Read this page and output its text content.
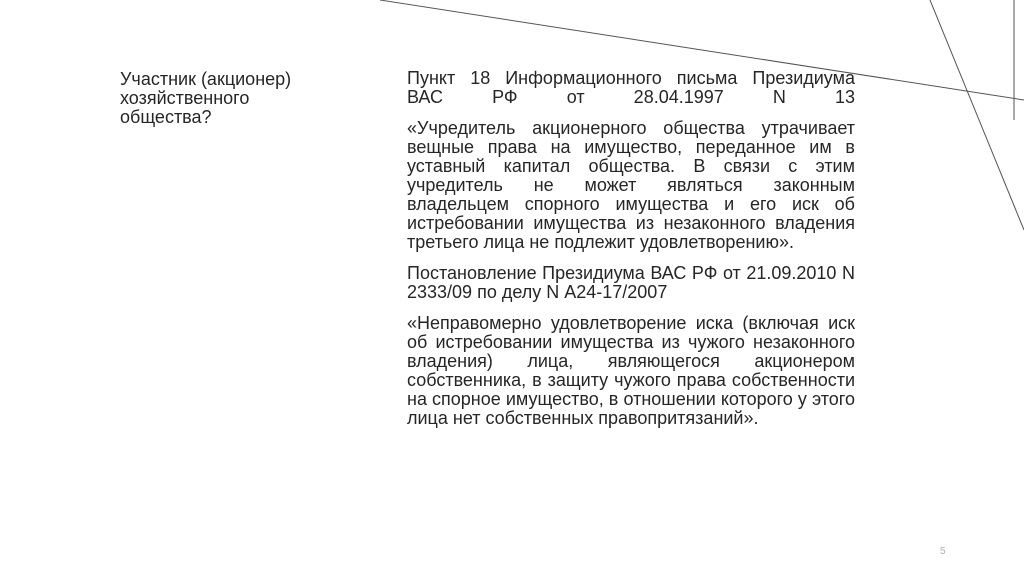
Участник (акционер) хозяйственного общества?

Пункт 18 Информационного письма Президиума ВАС РФ от 28.04.1997 N 13

«Учредитель акционерного общества утрачивает вещные права на имущество, переданное им в уставный капитал общества. В связи с этим учредитель не может являться законным владельцем спорного имущества и его иск об истребовании имущества из незаконного владения третьего лица не подлежит удовлетворению».

Постановление Президиума ВАС РФ от 21.09.2010 N 2333/09 по делу N А24-17/2007

«Неправомерно удовлетворение иска (включая иск об истребовании имущества из чужого незаконного владения) лица, являющегося акционером собственника, в защиту чужого права собственности на спорное имущество, в отношении которого у этого лица нет собственных правопритязаний».

5
